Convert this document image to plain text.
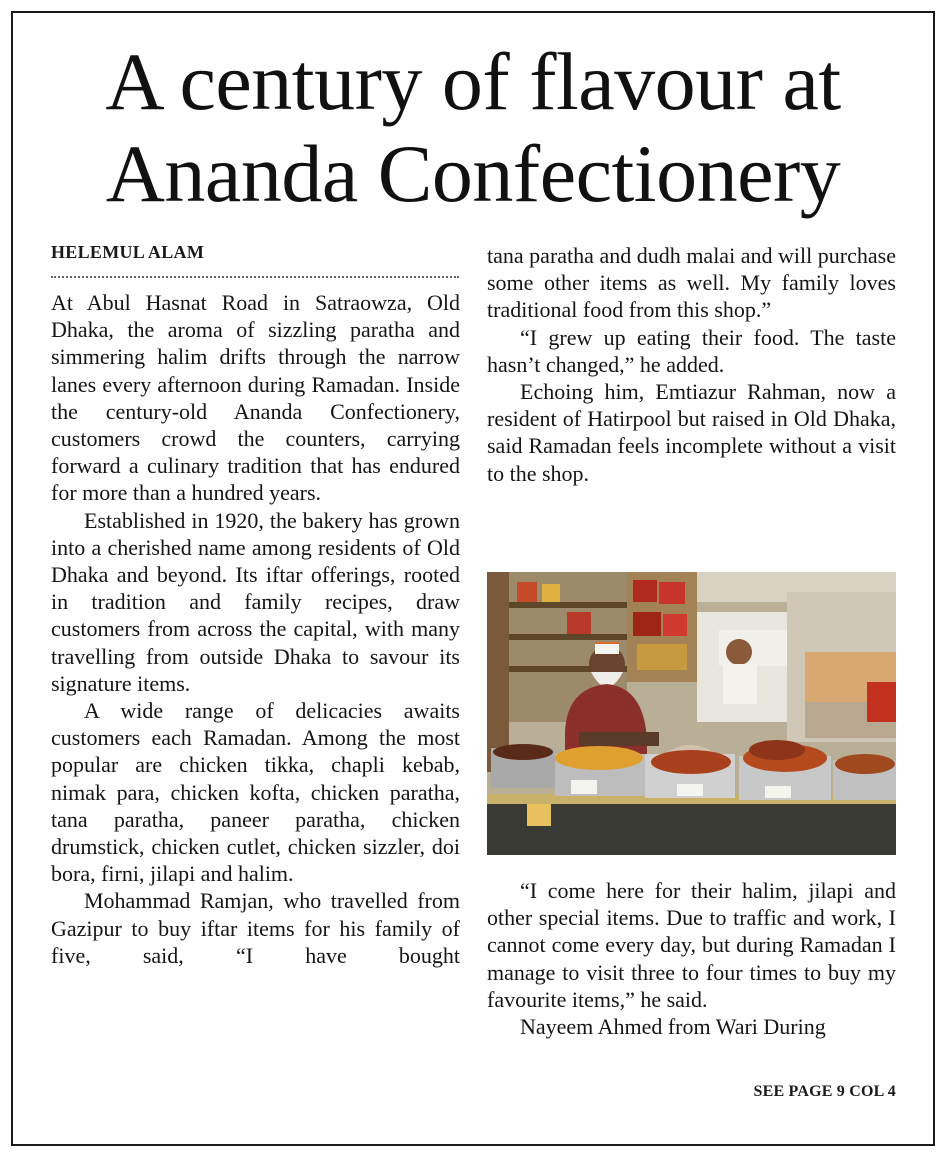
A century of flavour at
Ananda Confectionery
HELEMUL ALAM

At Abul Hasnat Road in Satraowza, Old Dhaka, the aroma of sizzling paratha and simmering halim drifts through the narrow lanes every afternoon during Ramadan. Inside the century-old Ananda Confectionery, customers crowd the counters, carrying forward a culinary tradition that has endured for more than a hundred years.

Established in 1920, the bakery has grown into a cherished name among residents of Old Dhaka and beyond. Its iftar offerings, rooted in tradition and family recipes, draw customers from across the capital, with many travelling from outside Dhaka to savour its signature items.

A wide range of delicacies awaits customers each Ramadan. Among the most popular are chicken tikka, chapli kebab, nimak para, chicken kofta, chicken paratha, tana paratha, paneer paratha, chicken drumstick, chicken cutlet, chicken sizzler, doi bora, firni, jilapi and halim.

Mohammad Ramjan, who travelled from Gazipur to buy iftar items for his family of five, said, “I have bought

tana paratha and dudh malai and will purchase some other items as well. My family loves traditional food from this shop.”

“I grew up eating their food. The taste hasn’t changed,” he added.

Echoing him, Emtiazur Rahman, now a resident of Hatirpool but raised in Old Dhaka, said Ramadan feels incomplete without a visit to the shop.

“I come here for their halim, jilapi and other special items. Due to traffic and work, I cannot come every day, but during Ramadan I manage to visit three to four times to buy my favourite items,” he said.

Nayeem Ahmed from Wari During

SEE PAGE 9 COL 4
